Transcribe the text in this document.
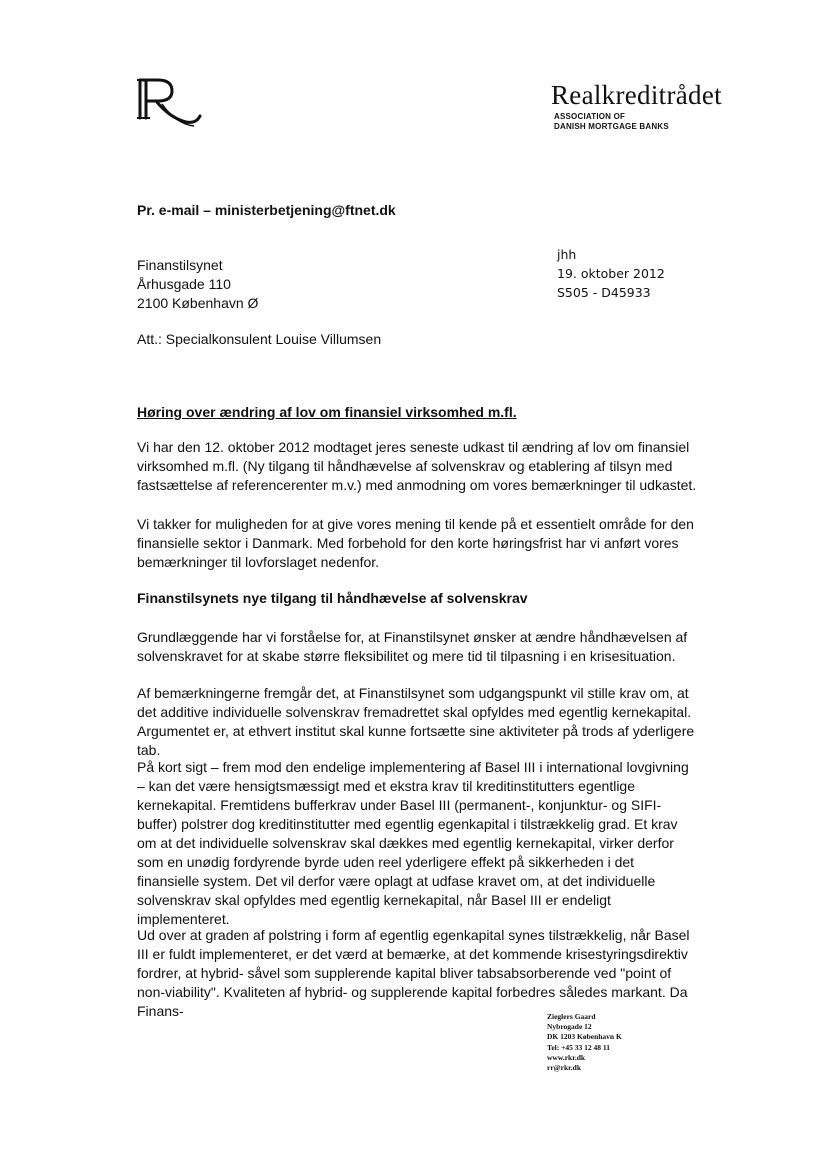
Realkreditrådet
ASSOCIATION OF
DANISH MORTGAGE BANKS
Pr. e-mail – ministerbetjening@ftnet.dk
Finanstilsynet
Århusgade 110
2100 København Ø
jhh
19. oktober 2012
S505 - D45933
Att.: Specialkonsulent Louise Villumsen
Høring over ændring af lov om finansiel virksomhed m.fl.

Vi har den 12. oktober 2012 modtaget jeres seneste udkast til ændring af lov om finansiel virksomhed m.fl. (Ny tilgang til håndhævelse af solvenskrav og etablering af tilsyn med fastsættelse af referencerenter m.v.) med anmodning om vores bemærkninger til udkastet.

Vi takker for muligheden for at give vores mening til kende på et essentielt område for den finansielle sektor i Danmark. Med forbehold for den korte høringsfrist har vi anført vores bemærkninger til lovforslaget nedenfor.

Finanstilsynets nye tilgang til håndhævelse af solvenskrav

Grundlæggende har vi forståelse for, at Finanstilsynet ønsker at ændre håndhævelsen af solvenskravet for at skabe større fleksibilitet og mere tid til tilpasning i en krisesituation.

Af bemærkningerne fremgår det, at Finanstilsynet som udgangspunkt vil stille krav om, at det additive individuelle solvenskrav fremadrettet skal opfyldes med egentlig kernekapital. Argumentet er, at ethvert institut skal kunne fortsætte sine aktiviteter på trods af yderligere tab.

På kort sigt – frem mod den endelige implementering af Basel III i international lovgivning – kan det være hensigtsmæssigt med et ekstra krav til kreditinstitutters egentlige kernekapital. Fremtidens bufferkrav under Basel III (permanent-, konjunktur- og SIFI-buffer) polstrer dog kreditinstitutter med egentlig egenkapital i tilstrækkelig grad. Et krav om at det individuelle solvenskrav skal dækkes med egentlig kernekapital, virker derfor som en unødig fordyrende byrde uden reel yderligere effekt på sikkerheden i det finansielle system. Det vil derfor være oplagt at udfase kravet om, at det individuelle solvenskrav skal opfyldes med egentlig kernekapital, når Basel III er endeligt implementeret.

Ud over at graden af polstring i form af egentlig egenkapital synes tilstrækkelig, når Basel III er fuldt implementeret, er det værd at bemærke, at det kommende krisestyringsdirektiv fordrer, at hybrid- såvel som supplerende kapital bliver tabsabsorberende ved "point of non-viability". Kvaliteten af hybrid- og supplerende kapital forbedres således markant. Da Finans-	Zieglers Gaard
Nybrogade 12
DK 1203 København K
Tel: +45 33 12 48 11
www.rkr.dk
rr@rkr.dk
